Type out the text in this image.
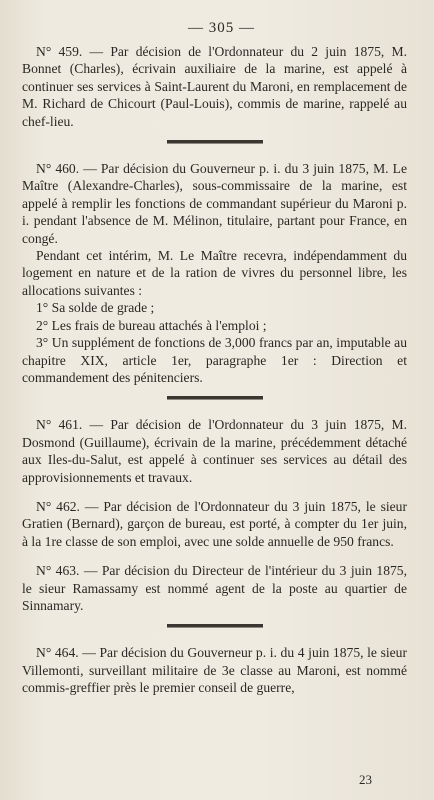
— 305 —

N° 459. — Par décision de l'Ordonnateur du 2 juin 1875, M. Bonnet (Charles), écrivain auxiliaire de la marine, est appelé à continuer ses services à Saint-Laurent du Maroni, en remplacement de M. Richard de Chicourt (Paul-Louis), commis de marine, rappelé au chef-lieu.

N° 460. — Par décision du Gouverneur p. i. du 3 juin 1875, M. Le Maître (Alexandre-Charles), sous-commissaire de la marine, est appelé à remplir les fonctions de commandant supérieur du Maroni p. i. pendant l'absence de M. Mélinon, titulaire, partant pour France, en congé.

Pendant cet intérim, M. Le Maître recevra, indépendamment du logement en nature et de la ration de vivres du personnel libre, les allocations suivantes :

1° Sa solde de grade ;

2° Les frais de bureau attachés à l'emploi ;

3° Un supplément de fonctions de 3,000 francs par an, imputable au chapitre XIX, article 1er, paragraphe 1er : Direction et commandement des pénitenciers.

N° 461. — Par décision de l'Ordonnateur du 3 juin 1875, M. Dosmond (Guillaume), écrivain de la marine, précédemment détaché aux Iles-du-Salut, est appelé à continuer ses services au détail des approvisionnements et travaux.

N° 462. — Par décision de l'Ordonnateur du 3 juin 1875, le sieur Gratien (Bernard), garçon de bureau, est porté, à compter du 1er juin, à la 1re classe de son emploi, avec une solde annuelle de 950 francs.

N° 463. — Par décision du Directeur de l'intérieur du 3 juin 1875, le sieur Ramassamy est nommé agent de la poste au quartier de Sinnamary.

N° 464. — Par décision du Gouverneur p. i. du 4 juin 1875, le sieur Villemonti, surveillant militaire de 3e classe au Maroni, est nommé commis-greffier près le premier conseil de guerre,

23
